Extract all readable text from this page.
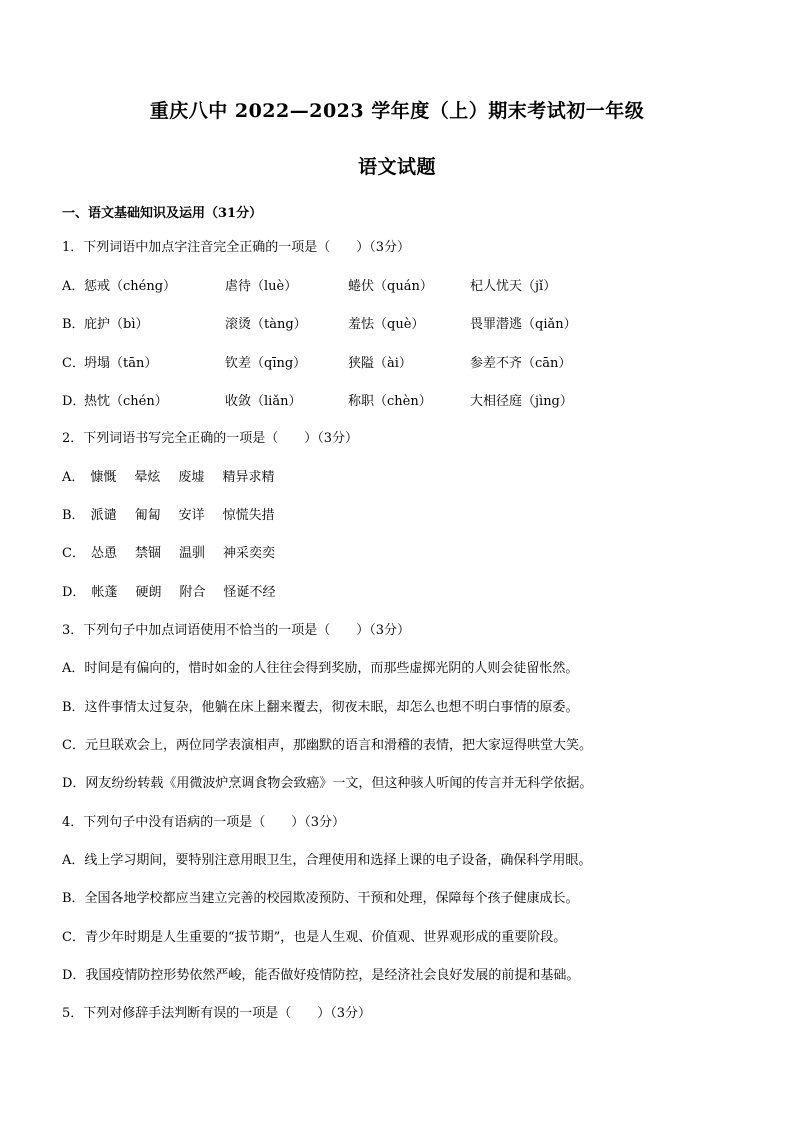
重庆八中 2022—2023 学年度（上）期末考试初一年级
语文试题

一、语文基础知识及运用（31分）

1．下列词语中加点字注音完全正确的一项是（　　）（3分）

A． 惩戒（chéng）	虐待（luè）	蜷伏（quán）	杞人忧天（jǐ）
B． 庇护（bì）	滚烫（tàng）	羞怯（què）	畏罪潜逃（qiǎn）
C． 坍塌（tān）	钦差（qīng）	狭隘（ài）	参差不齐（cān）
D．
热忱（chén）	收敛（liǎn）	称职（chèn）	大相径庭（jìng）

2．下列词语书写完全正确的一项是（　　）（3分）

A． 慷慨 晕炫 废墟 精异求精
B． 派谴 匍匐 安详 惊慌失措
C． 怂恿 禁锢 温驯 神采奕奕
D． 帐蓬 硬朗 附合 怪诞不经

3．下列句子中加点词语使用不恰当的一项是（　　）（3分）

A．时间是有偏向的，惜时如金的人往往会得到奖励，而那些虚掷光阴的人则会徒留怅然。

B．这件事情太过复杂，他躺在床上翻来覆去，彻夜未眠，却怎么也想不明白事情的原委。

C．元旦联欢会上，两位同学表演相声，那幽默的语言和滑稽的表情，把大家逗得哄堂大笑。

D．网友纷纷转载《用微波炉烹调食物会致癌》一文，但这种骇人听闻的传言并无科学依据。

4．下列句子中没有语病的一项是（　　）（3分）

A．线上学习期间，要特别注意用眼卫生，合理使用和选择上课的电子设备，确保科学用眼。

B．全国各地学校都应当建立完善的校园欺凌预防、干预和处理，保障每个孩子健康成长。

C．青少年时期是人生重要的“拔节期”，也是人生观、价值观、世界观形成的重要阶段。

D．我国疫情防控形势依然严峻，能否做好疫情防控，是经济社会良好发展的前提和基础。

5．下列对修辞手法判断有误的一项是（　　）（3分）
